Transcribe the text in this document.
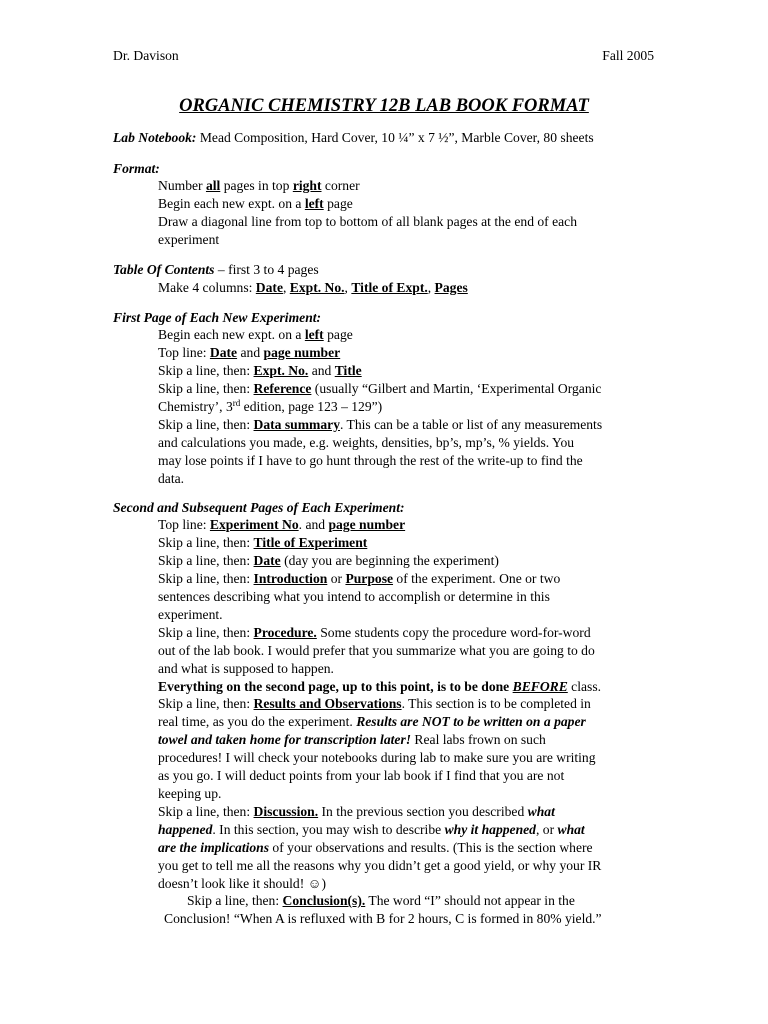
Dr. Davison	Fall 2005
ORGANIC CHEMISTRY 12B LAB BOOK FORMAT
Lab Notebook: Mead Composition, Hard Cover, 10 ¼” x 7 ½”, Marble Cover, 80 sheets
Format:
Number all pages in top right corner
Begin each new expt. on a left page
Draw a diagonal line from top to bottom of all blank pages at the end of each
experiment
Table Of Contents – first 3 to 4 pages
Make 4 columns: Date, Expt. No., Title of Expt., Pages
First Page of Each New Experiment:
Begin each new expt. on a left page
Top line: Date and page number
Skip a line, then: Expt. No. and Title
Skip a line, then: Reference (usually “Gilbert and Martin, ‘Experimental Organic
Chemistry’, 3rd edition, page 123 – 129”)
Skip a line, then: Data summary. This can be a table or list of any measurements
and calculations you made, e.g. weights, densities, bp’s, mp’s, % yields. You
may lose points if I have to go hunt through the rest of the write-up to find the
data.
Second and Subsequent Pages of Each Experiment:
Top line: Experiment No. and page number
Skip a line, then: Title of Experiment
Skip a line, then: Date (day you are beginning the experiment)
Skip a line, then: Introduction or Purpose of the experiment. One or two
sentences describing what you intend to accomplish or determine in this
experiment.
Skip a line, then: Procedure. Some students copy the procedure word-for-word
out of the lab book. I would prefer that you summarize what you are going to do
and what is supposed to happen.
Everything on the second page, up to this point, is to be done BEFORE class.
Skip a line, then: Results and Observations. This section is to be completed in
real time, as you do the experiment. Results are NOT to be written on a paper
towel and taken home for transcription later! Real labs frown on such
procedures! I will check your notebooks during lab to make sure you are writing
as you go. I will deduct points from your lab book if I find that you are not
keeping up.
Skip a line, then: Discussion. In the previous section you described what
happened. In this section, you may wish to describe why it happened, or what
are the implications of your observations and results. (This is the section where
you get to tell me all the reasons why you didn’t get a good yield, or why your IR
doesn’t look like it should! ☺)
Skip a line, then: Conclusion(s). The word “I” should not appear in the
Conclusion! “When A is refluxed with B for 2 hours, C is formed in 80% yield.”
